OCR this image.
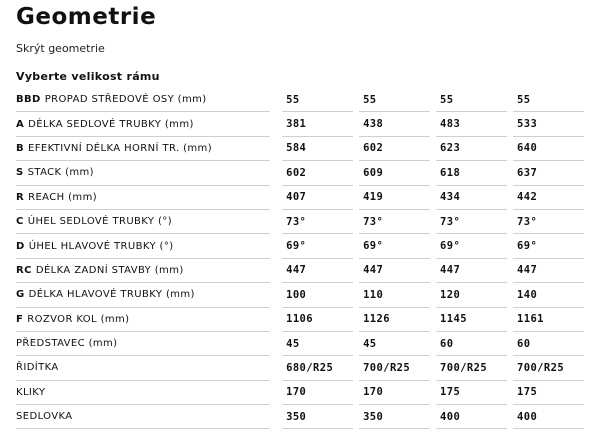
Geometrie
Skrýt geometrie
Vyberte velikost rámu
BBD PROPAD STŘEDOVÉ OSY (mm)	55	55	55	55
A DÉLKA SEDLOVÉ TRUBKY (mm)	381	438	483	533
B EFEKTIVNÍ DÉLKA HORNÍ TR. (mm)	584	602	623	640
S STACK (mm)	602	609	618	637
R REACH (mm)	407	419	434	442
C ÚHEL SEDLOVÉ TRUBKY (°)	73°	73°	73°	73°
D ÚHEL HLAVOVÉ TRUBKY (°)	69°	69°	69°	69°
RC DÉLKA ZADNÍ STAVBY (mm)	447	447	447	447
G DÉLKA HLAVOVÉ TRUBKY (mm)	100	110	120	140
F ROZVOR KOL (mm)	1106	1126	1145	1161
PŘEDSTAVEC (mm)	45	45	60	60
ŘIDÍTKA	680/R25	700/R25	700/R25	700/R25
KLIKY	170	170	175	175
SEDLOVKA	350	350	400	400
